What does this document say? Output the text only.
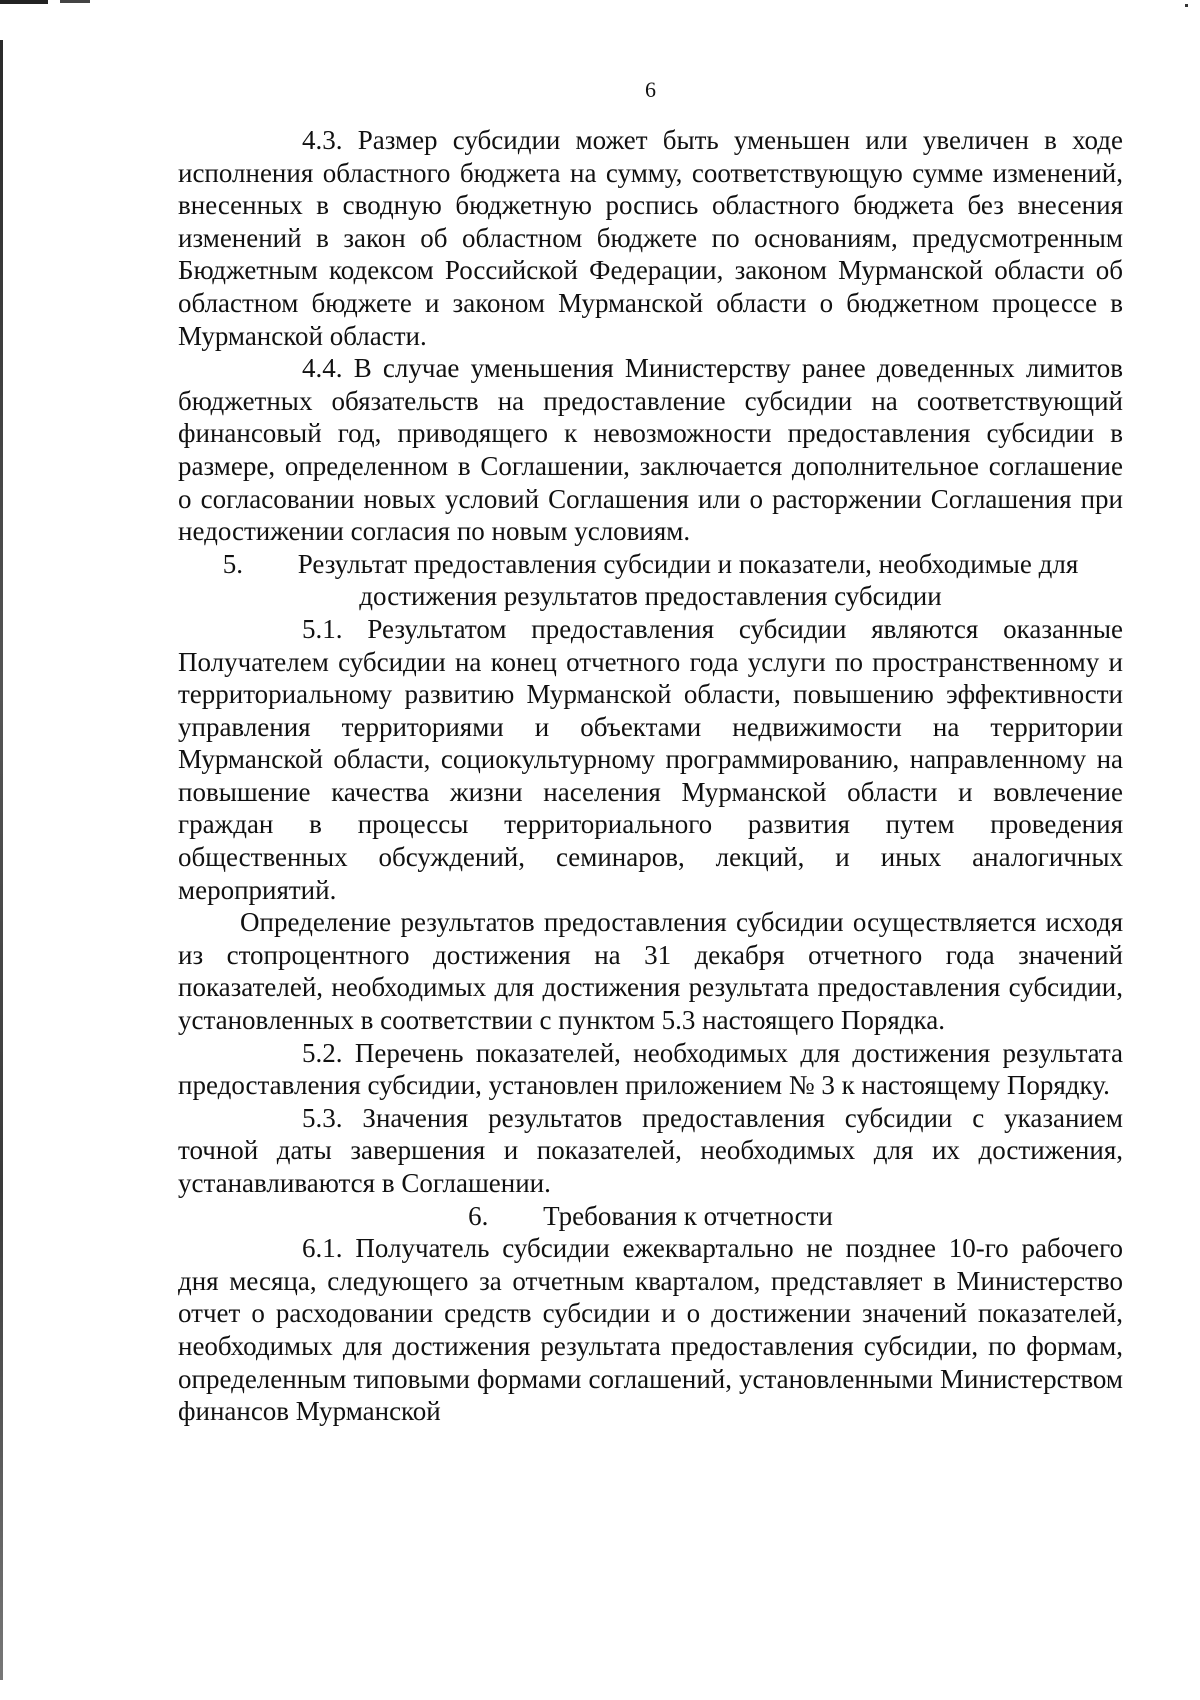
6

4.3. Размер субсидии может быть уменьшен или увеличен в ходе исполнения областного бюджета на сумму, соответствующую сумме изменений, внесенных в сводную бюджетную роспись областного бюджета без внесения изменений в закон об областном бюджете по основаниям, предусмотренным Бюджетным кодексом Российской Федерации, законом Мурманской области об областном бюджете и законом Мурманской области о бюджетном процессе в Мурманской области.

4.4. В случае уменьшения Министерству ранее доведенных лимитов бюджетных обязательств на предоставление субсидии на соответствующий финансовый год, приводящего к невозможности предоставления субсидии в размере, определенном в Соглашении, заключается дополнительное соглашение о согласовании новых условий Соглашения или о расторжении Соглашения при недостижении согласия по новым условиям.

5. Результат предоставления субсидии и показатели, необходимые для достижения результатов предоставления субсидии

5.1. Результатом предоставления субсидии являются оказанные Получателем субсидии на конец отчетного года услуги по пространственному и территориальному развитию Мурманской области, повышению эффективности управления территориями и объектами недвижимости на территории Мурманской области, социокультурному программированию, направленному на повышение качества жизни населения Мурманской области и вовлечение граждан в процессы территориального развития путем проведения общественных обсуждений, семинаров, лекций, и иных аналогичных мероприятий.

Определение результатов предоставления субсидии осуществляется исходя из стопроцентного достижения на 31 декабря отчетного года значений показателей, необходимых для достижения результата предоставления субсидии, установленных в соответствии с пунктом 5.3 настоящего Порядка.

5.2. Перечень показателей, необходимых для достижения результата предоставления субсидии, установлен приложением № 3 к настоящему Порядку.

5.3. Значения результатов предоставления субсидии с указанием точной даты завершения и показателей, необходимых для их достижения, устанавливаются в Соглашении.

6. Требования к отчетности

6.1. Получатель субсидии ежеквартально не позднее 10-го рабочего дня месяца, следующего за отчетным кварталом, представляет в Министерство отчет о расходовании средств субсидии и о достижении значений показателей, необходимых для достижения результата предоставления субсидии, по формам, определенным типовыми формами соглашений, установленными Министерством финансов Мурманской
